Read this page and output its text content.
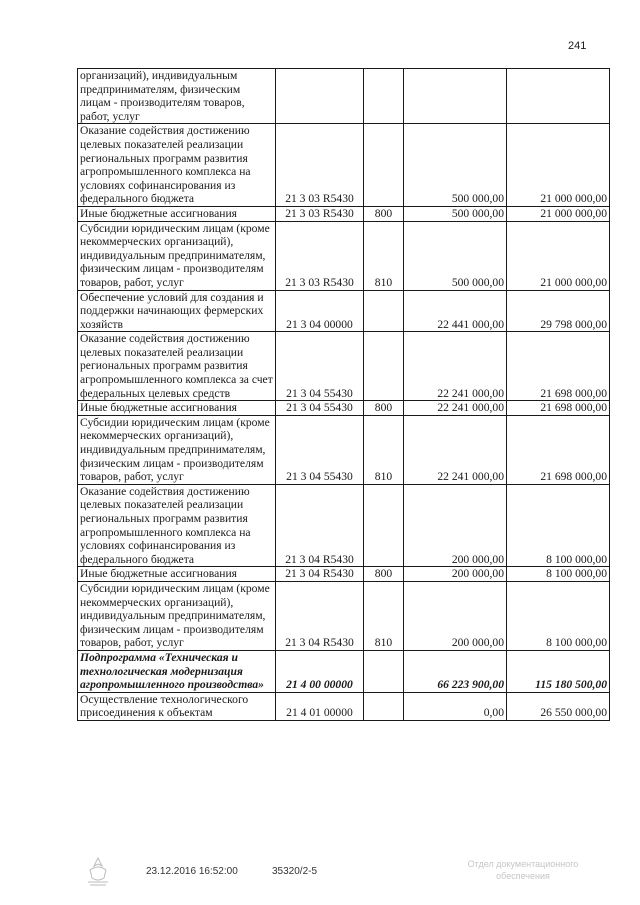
241
организаций), индивидуальным предпринимателям, физическим лицам - производителям товаров, работ, услуг				
Оказание содействия достижению целевых показателей реализации региональных программ развития агропромышленного комплекса на условиях софинансирования из федерального бюджета	21 3 03 R5430		500 000,00	21 000 000,00
Иные бюджетные ассигнования	21 3 03 R5430	800	500 000,00	21 000 000,00
Субсидии юридическим лицам (кроме некоммерческих организаций), индивидуальным предпринимателям, физическим лицам - производителям товаров, работ, услуг	21 3 03 R5430	810	500 000,00	21 000 000,00
Обеспечение условий для создания и поддержки начинающих фермерских хозяйств	21 3 04 00000		22 441 000,00	29 798 000,00
Оказание содействия достижению целевых показателей реализации региональных программ развития агропромышленного комплекса за счет федеральных целевых средств	21 3 04 55430		22 241 000,00	21 698 000,00
Иные бюджетные ассигнования	21 3 04 55430	800	22 241 000,00	21 698 000,00
Субсидии юридическим лицам (кроме некоммерческих организаций), индивидуальным предпринимателям, физическим лицам - производителям товаров, работ, услуг	21 3 04 55430	810	22 241 000,00	21 698 000,00
Оказание содействия достижению целевых показателей реализации региональных программ развития агропромышленного комплекса на условиях софинансирования из федерального бюджета	21 3 04 R5430		200 000,00	8 100 000,00
Иные бюджетные ассигнования	21 3 04 R5430	800	200 000,00	8 100 000,00
Субсидии юридическим лицам (кроме некоммерческих организаций), индивидуальным предпринимателям, физическим лицам - производителям товаров, работ, услуг	21 3 04 R5430	810	200 000,00	8 100 000,00
Подпрограмма «Техническая и технологическая модернизация агропромышленного производства»	21 4 00 00000		66 223 900,00	115 180 500,00
Осуществление технологического присоединения к объектам	21 4 01 00000		0,00	26 550 000,00
23.12.2016 16:52:00	35320/2-5
Отдел документационного обеспечения
